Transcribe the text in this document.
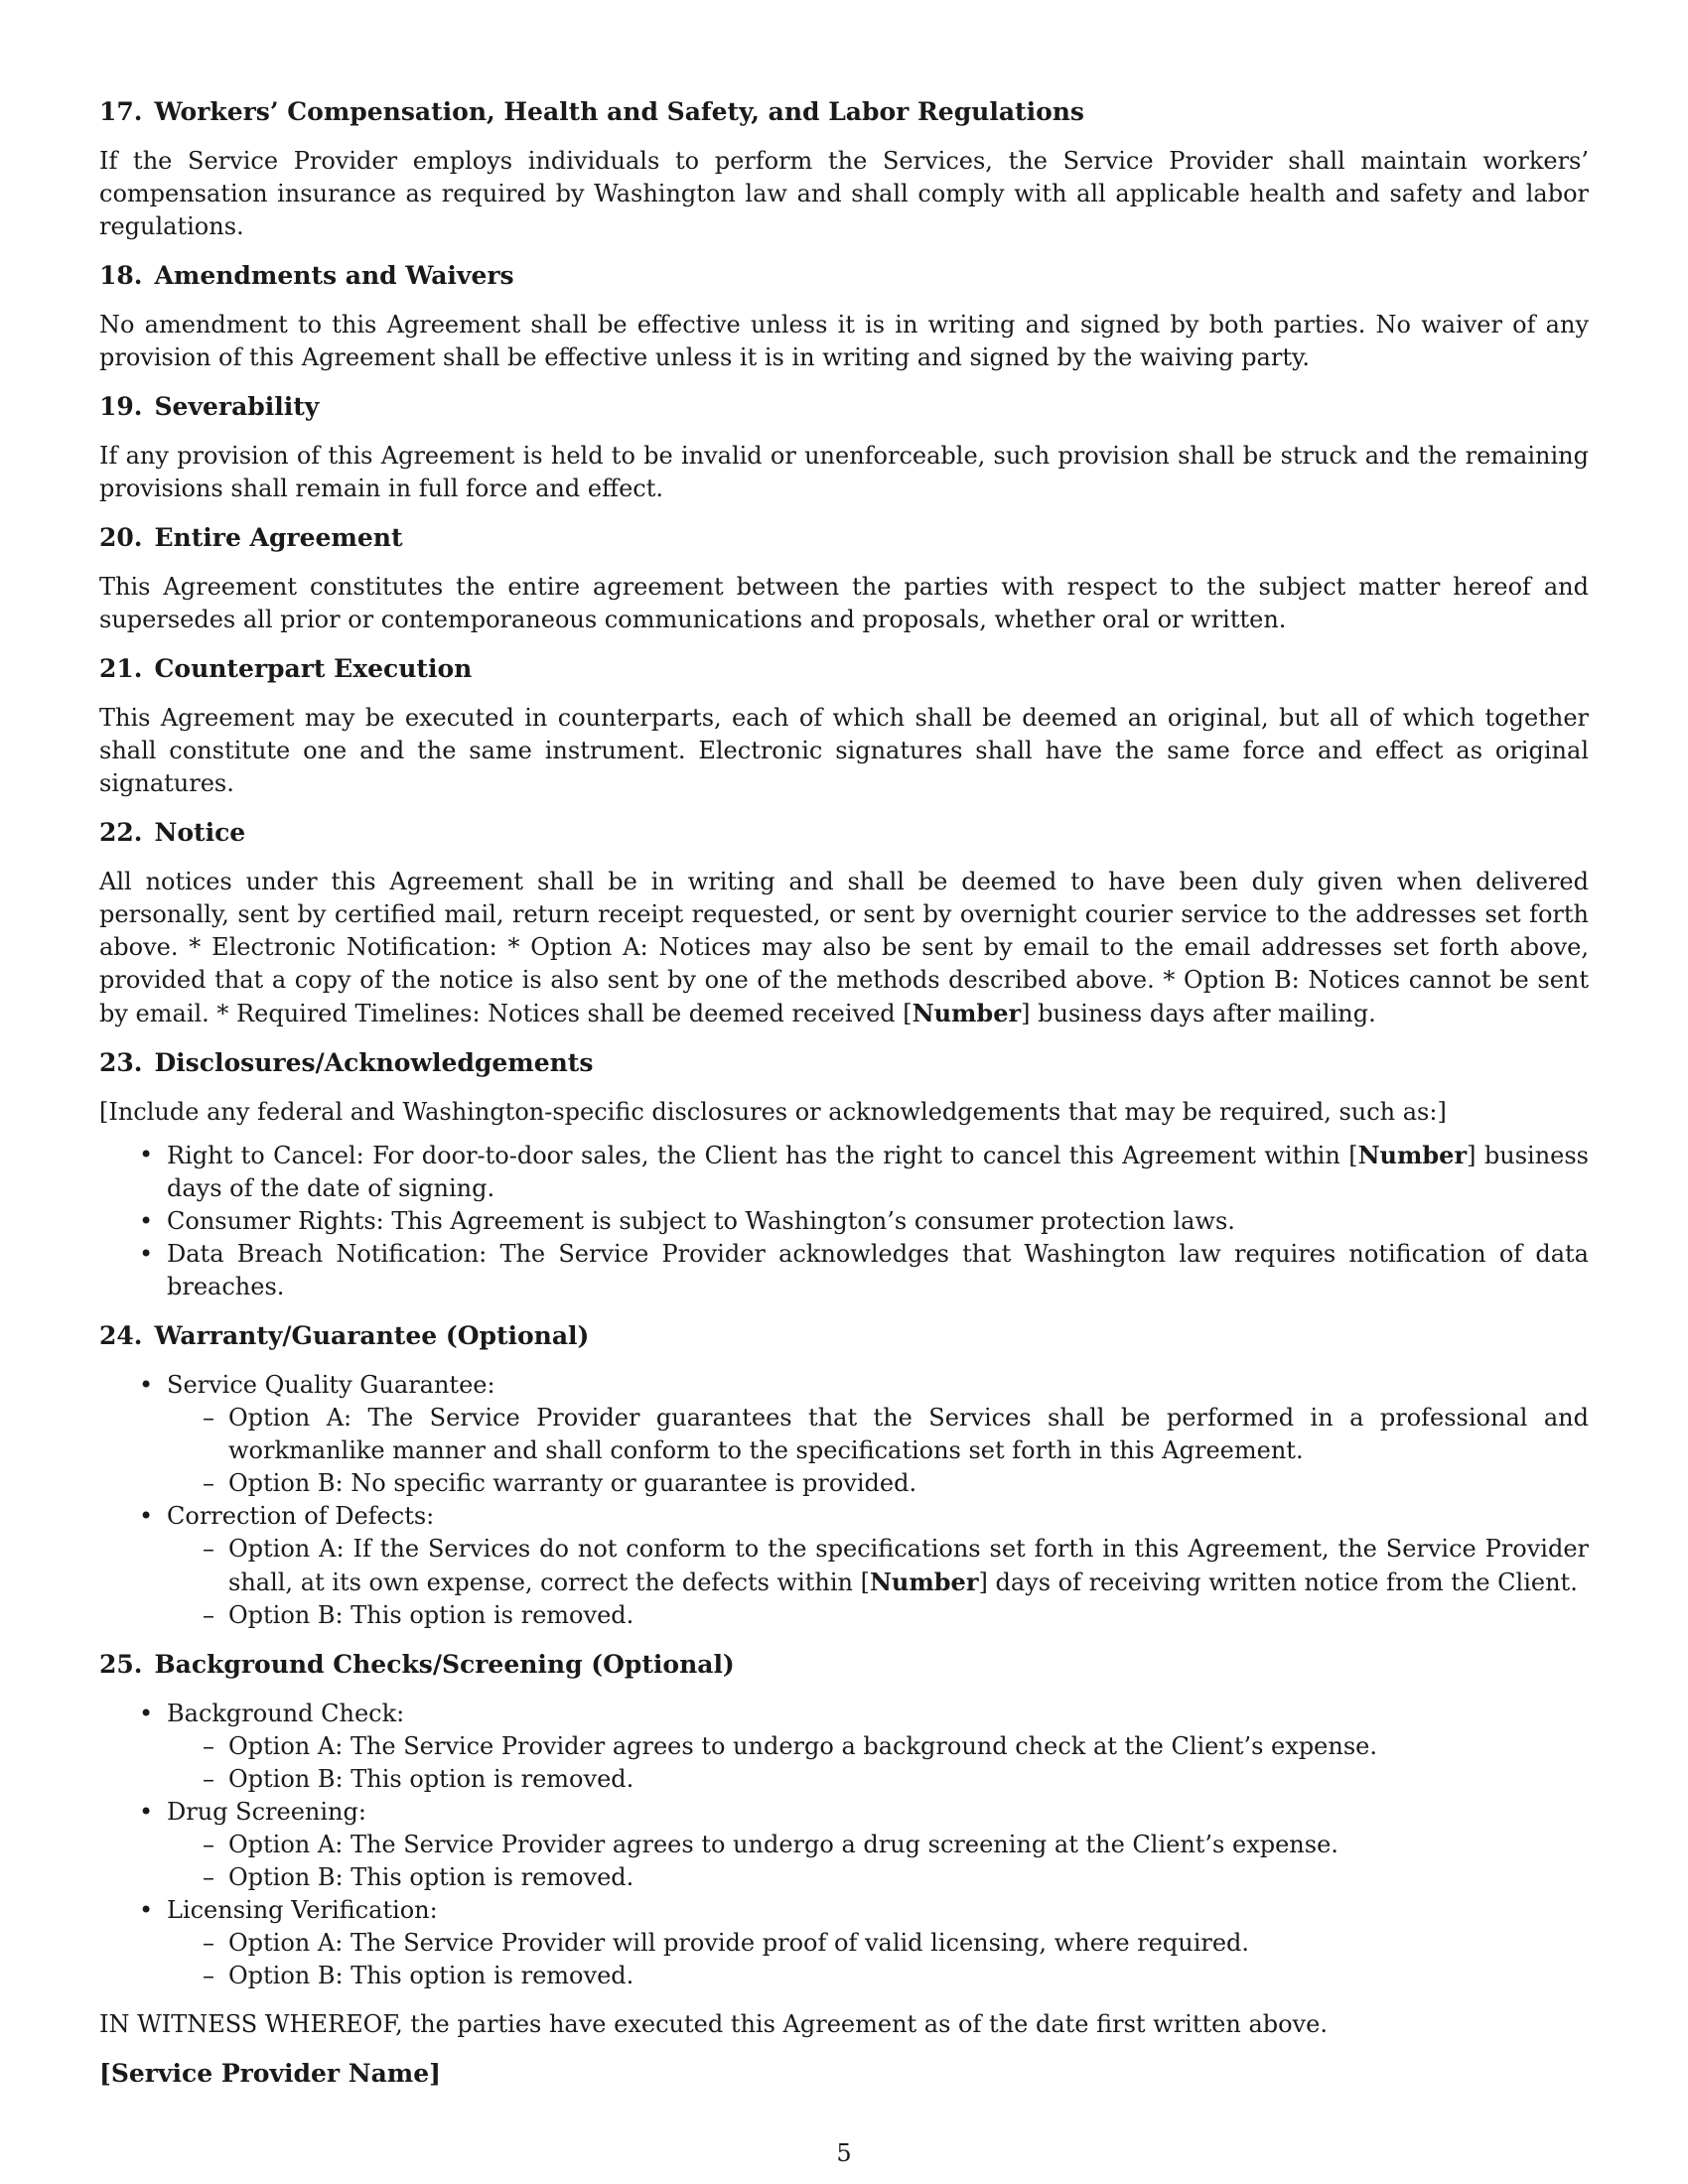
17. Workers’ Compensation, Health and Safety, and Labor Regulations

If the Service Provider employs individuals to perform the Services, the Service Provider shall maintain workers’ compensation insurance as required by Washington law and shall comply with all applicable health and safety and labor regulations.

18. Amendments and Waivers

No amendment to this Agreement shall be effective unless it is in writing and signed by both parties. No waiver of any provision of this Agreement shall be effective unless it is in writing and signed by the waiving party.

19. Severability

If any provision of this Agreement is held to be invalid or unenforceable, such provision shall be struck and the remaining provisions shall remain in full force and effect.

20. Entire Agreement

This Agreement constitutes the entire agreement between the parties with respect to the subject matter hereof and supersedes all prior or contemporaneous communications and proposals, whether oral or written.

21. Counterpart Execution

This Agreement may be executed in counterparts, each of which shall be deemed an original, but all of which together shall constitute one and the same instrument. Electronic signatures shall have the same force and effect as original signatures.

22. Notice

All notices under this Agreement shall be in writing and shall be deemed to have been duly given when delivered personally, sent by certified mail, return receipt requested, or sent by overnight courier service to the addresses set forth above. * Electronic Notification: * Option A: Notices may also be sent by email to the email addresses set forth above, provided that a copy of the notice is also sent by one of the methods described above. * Option B: Notices cannot be sent by email. * Required Timelines: Notices shall be deemed received [Number] business days after mailing.

23. Disclosures/Acknowledgements

[Include any federal and Washington-specific disclosures or acknowledgements that may be required, such as:]

• Right to Cancel: For door-to-door sales, the Client has the right to cancel this Agreement within [Number] business days of the date of signing.
• Consumer Rights: This Agreement is subject to Washington’s consumer protection laws.
• Data Breach Notification: The Service Provider acknowledges that Washington law requires notification of data breaches.
24. Warranty/Guarantee (Optional)
• Service Quality Guarantee:
– Option A: The Service Provider guarantees that the Services shall be performed in a professional and workmanlike manner and shall conform to the specifications set forth in this Agreement.
– Option B: No specific warranty or guarantee is provided.
• Correction of Defects:
– Option A: If the Services do not conform to the specifications set forth in this Agreement, the Service Provider shall, at its own expense, correct the defects within [Number] days of receiving written notice from the Client.
– Option B: This option is removed.
25. Background Checks/Screening (Optional)
• Background Check:
– Option A: The Service Provider agrees to undergo a background check at the Client’s expense.
– Option B: This option is removed.
• Drug Screening:
– Option A: The Service Provider agrees to undergo a drug screening at the Client’s expense.
– Option B: This option is removed.
• Licensing Verification:
– Option A: The Service Provider will provide proof of valid licensing, where required.
– Option B: This option is removed.

IN WITNESS WHEREOF, the parties have executed this Agreement as of the date first written above.

[Service Provider Name]
5
